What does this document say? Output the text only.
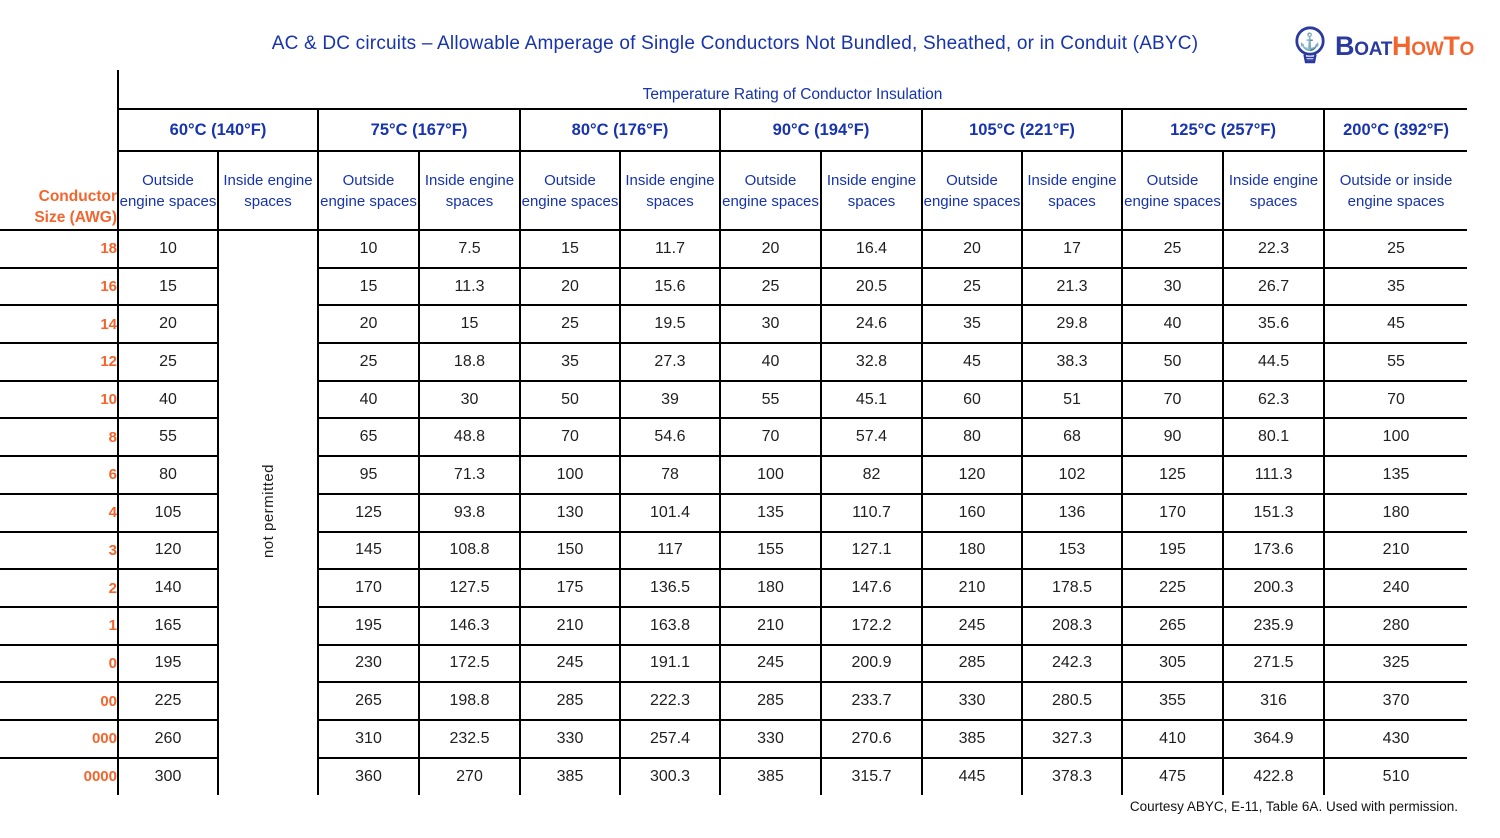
AC & DC circuits – Allowable Amperage of Single Conductors Not Bundled, Sheathed, or in Conduit (ABYC)	⚓ BoatHowTo
Temperature Rating of Conductor Insulation
	60°C (140°F)		75°C (167°F)		80°C (176°F)		90°C (194°F)		105°C (221°F)		125°C (257°F)		200°C (392°F)

Conductor
Size (AWG)	Outside engine spaces	Inside engine spaces	Outside engine spaces	Inside engine spaces	Outside engine spaces	Inside engine spaces	Outside engine spaces	Inside engine spaces	Outside engine spaces	Inside engine spaces	Outside engine spaces	Inside engine spaces	Outside or inside engine spaces
18	10	not permitted	10	7.5	15	11.7	20	16.4	20	17	25	22.3	25
16	15		15	11.3	20	15.6	25	20.5	25	21.3	30	26.7	35
14	20		20	15	25	19.5	30	24.6	35	29.8	40	35.6	45
12	25		25	18.8	35	27.3	40	32.8	45	38.3	50	44.5	55
10	40		40	30	50	39	55	45.1	60	51	70	62.3	70
8	55		65	48.8	70	54.6	70	57.4	80	68	90	80.1	100
6	80		95	71.3	100	78	100	82	120	102	125	111.3	135
4	105		125	93.8	130	101.4	135	110.7	160	136	170	151.3	180
3	120		145	108.8	150	117	155	127.1	180	153	195	173.6	210
2	140		170	127.5	175	136.5	180	147.6	210	178.5	225	200.3	240
1	165		195	146.3	210	163.8	210	172.2	245	208.3	265	235.9	280
0	195		230	172.5	245	191.1	245	200.9	285	242.3	305	271.5	325
00	225		265	198.8	285	222.3	285	233.7	330	280.5	355	316	370
000	260		310	232.5	330	257.4	330	270.6	385	327.3	410	364.9	430
0000	300		360	270	385	300.3	385	315.7	445	378.3	475	422.8	510
Courtesy ABYC, E-11, Table 6A. Used with permission.
